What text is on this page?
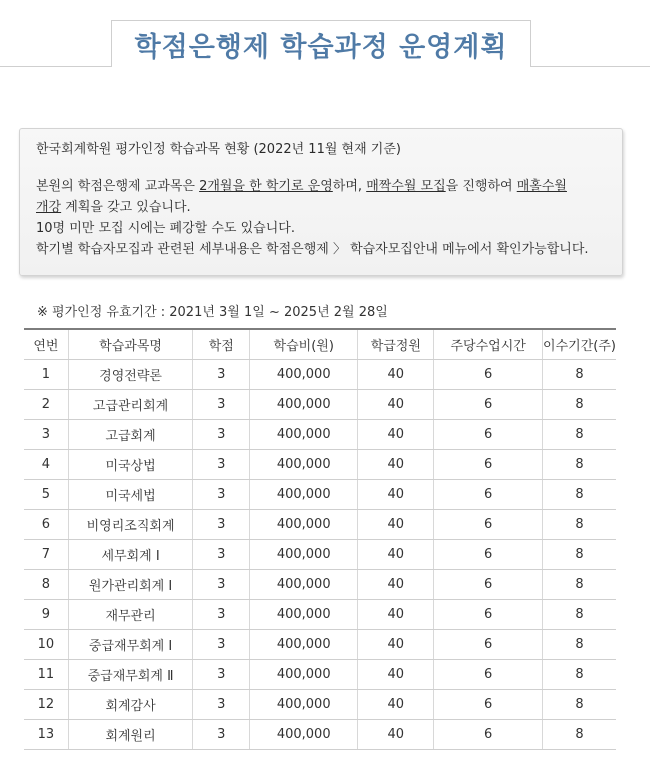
학점은행제 학습과정 운영계획
한국회계학원 평가인정 학습과목 현황 (2022년 11월 현재 기준)
본원의 학점은행제 교과목은 2개월을 한 학기로 운영하며, 매짝수월 모집을 진행하여 매홀수월
개강 계획을 갖고 있습니다.
10명 미만 모집 시에는 폐강할 수도 있습니다.
학기별 학습자모집과 관련된 세부내용은 학점은행제 〉 학습자모집안내 메뉴에서 확인가능합니다.
※ 평가인정 유효기간 : 2021년 3월 1일 ~ 2025년 2월 28일
연번	학습과목명	학점	학습비(원)	학급정원	주당수업시간	이수기간(주)
1	경영전략론	3	400,000	40	6	8
2	고급관리회계	3	400,000	40	6	8
3	고급회계	3	400,000	40	6	8
4	미국상법	3	400,000	40	6	8
5	미국세법	3	400,000	40	6	8
6	비영리조직회계	3	400,000	40	6	8
7	세무회계 Ⅰ	3	400,000	40	6	8
8	원가관리회계 Ⅰ	3	400,000	40	6	8
9	재무관리	3	400,000	40	6	8
10	중급재무회계 Ⅰ	3	400,000	40	6	8
11	중급재무회계 Ⅱ	3	400,000	40	6	8
12	회계감사	3	400,000	40	6	8
13	회계원리	3	400,000	40	6	8
